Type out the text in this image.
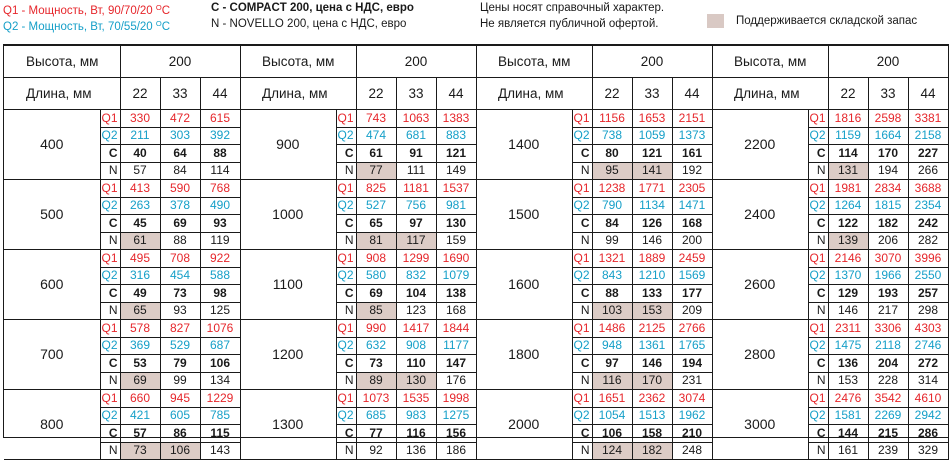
Q1 - Мощность, Вт, 90/70/20 $^O$C
Q2 - Мощность, Вт, 70/55/20 $^O$C
C - COMPACT 200, цена с НДС, евро
N - NOVELLO 200, цена с НДС, евро
Цены носят справочный характер.
Не является публичной офертой.	Поддерживается складской запас
Высота, мм		200		
Длина, мм		22	33	44
400	Q1	330	472	615
	Q2	211	303	392
	C	40	64	88
	N	57	84	114
500	Q1	413	590	768
	Q2	263	378	490
	C	45	69	93
	N	61	88	119
600	Q1	495	708	922
	Q2	316	454	588
	C	49	73	98
	N	65	93	125
700	Q1	578	827	1076
	Q2	369	529	687
	C	53	79	106
	N	69	99	134
800	Q1	660	945	1229
	Q2	421	605	785
	C	57	86	115
	N	73	106	143
Высота, мм		200		
Длина, мм		22	33	44
900	Q1	743	1063	1383
	Q2	474	681	883
	C	61	91	121
	N	77	111	149
1000	Q1	825	1181	1537
	Q2	527	756	981
	C	65	97	130
	N	81	117	159
1100	Q1	908	1299	1690
	Q2	580	832	1079
	C	69	104	138
	N	85	123	168
1200	Q1	990	1417	1844
	Q2	632	908	1177
	C	73	110	147
	N	89	130	176
1300	Q1	1073	1535	1998
	Q2	685	983	1275
	C	77	116	156
	N	92	136	186
Высота, мм		200		
Длина, мм		22	33	44
1400	Q1	1156	1653	2151
	Q2	738	1059	1373
	C	80	121	161
	N	95	141	192
1500	Q1	1238	1771	2305
	Q2	790	1134	1471
	C	84	126	168
	N	99	146	200
1600	Q1	1321	1889	2459
	Q2	843	1210	1569
	C	88	133	177
	N	103	153	209
1800	Q1	1486	2125	2766
	Q2	948	1361	1765
	C	97	146	194
	N	116	170	231
2000	Q1	1651	2362	3074
	Q2	1054	1513	1962
	C	106	158	210
	N	124	182	248
Высота, мм		200		
Длина, мм		22	33	44
2200	Q1	1816	2598	3381
	Q2	1159	1664	2158
	C	114	170	227
	N	131	194	266
2400	Q1	1981	2834	3688
	Q2	1264	1815	2354
	C	122	182	242
	N	139	206	282
2600	Q1	2146	3070	3996
	Q2	1370	1966	2550
	C	129	193	257
	N	146	217	298
2800	Q1	2311	3306	4303
	Q2	1475	2118	2746
	C	136	204	272
	N	153	228	314
3000	Q1	2476	3542	4610
	Q2	1581	2269	2942
	C	144	215	286
	N	161	239	329
